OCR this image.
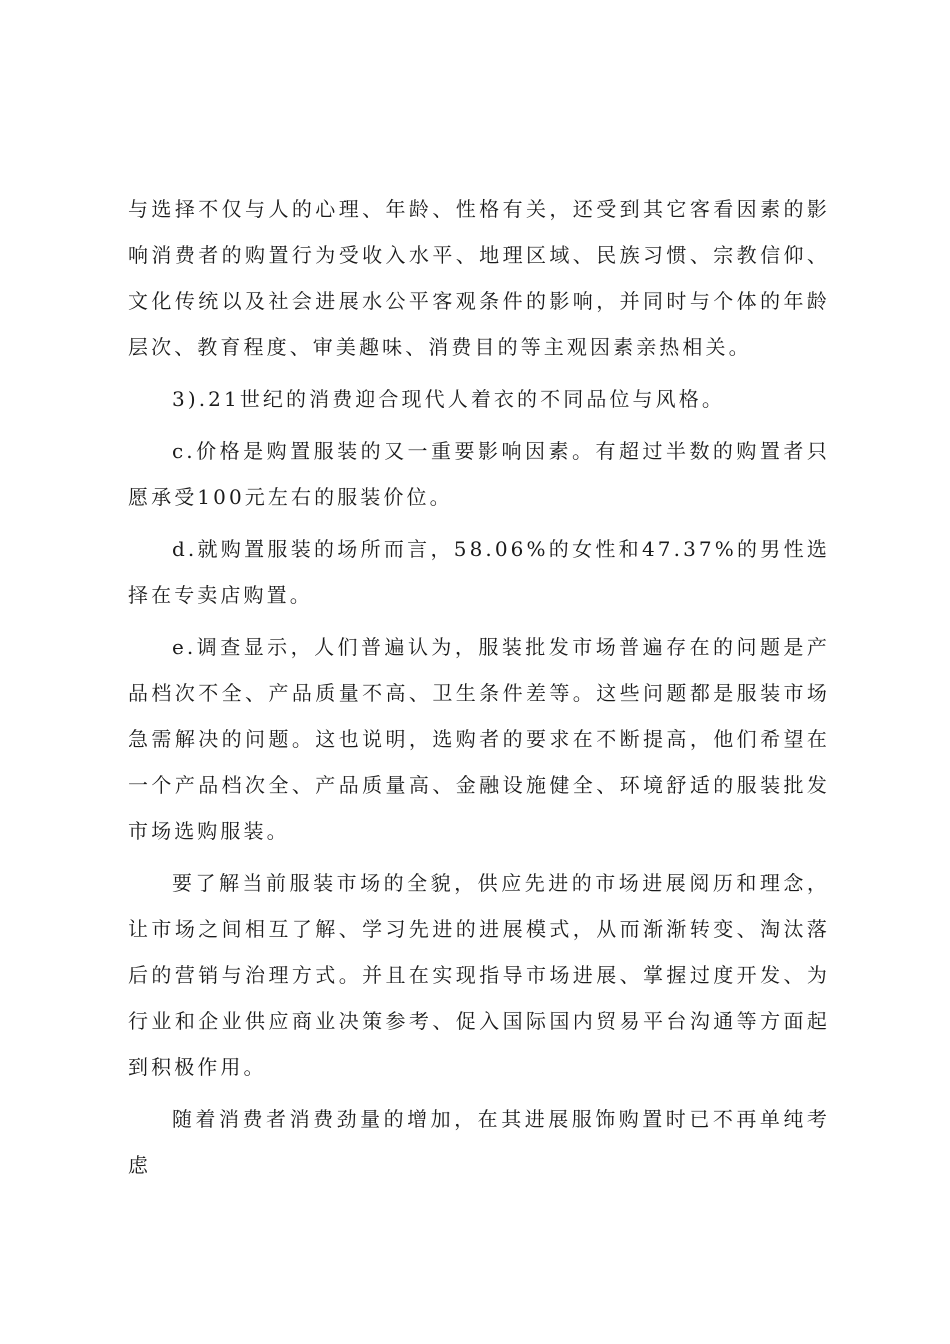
与选择不仅与人的心理、年龄、性格有关，还受到其它客看因素的影响消费者的购置行为受收入水平、地理区域、民族习惯、宗教信仰、文化传统以及社会进展水公平客观条件的影响，并同时与个体的年龄层次、教育程度、审美趣味、消费目的等主观因素亲热相关。

3).21世纪的消费迎合现代人着衣的不同品位与风格。

c.价格是购置服装的又一重要影响因素。有超过半数的购置者只愿承受100元左右的服装价位。

d.就购置服装的场所而言，58.06%的女性和47.37%的男性选择在专卖店购置。

e.调查显示，人们普遍认为，服装批发市场普遍存在的问题是产品档次不全、产品质量不高、卫生条件差等。这些问题都是服装市场急需解决的问题。这也说明，选购者的要求在不断提高，他们希望在一个产品档次全、产品质量高、金融设施健全、环境舒适的服装批发市场选购服装。

要了解当前服装市场的全貌，供应先进的市场进展阅历和理念，让市场之间相互了解、学习先进的进展模式，从而渐渐转变、淘汰落后的营销与治理方式。并且在实现指导市场进展、掌握过度开发、为行业和企业供应商业决策参考、促入国际国内贸易平台沟通等方面起到积极作用。

随着消费者消费劲量的增加，在其进展服饰购置时已不再单纯考虑
